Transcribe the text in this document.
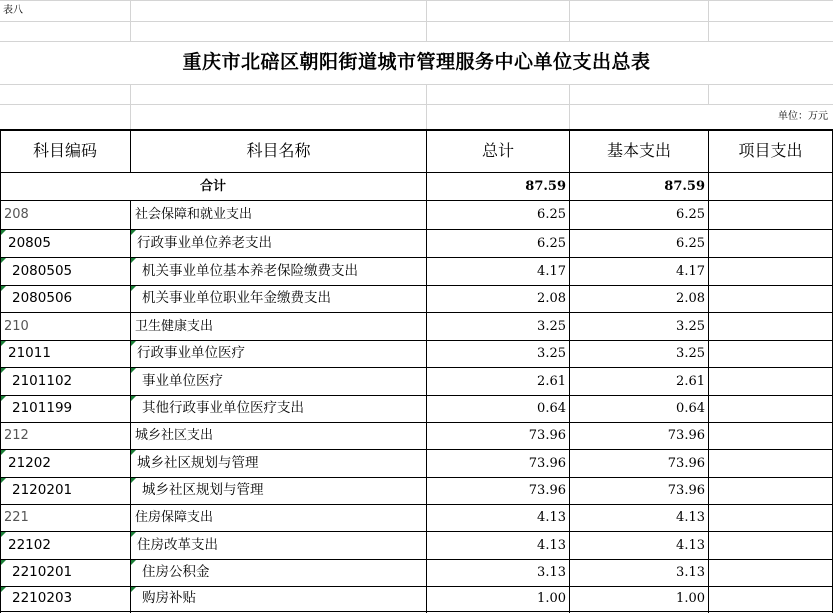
表八
重庆市北碚区朝阳街道城市管理服务中心单位支出总表
单位：万元
科目编码	科目名称	总计	基本支出	项目支出
合计	87.59	87.59
208	社会保障和就业支出	6.25	6.25
20805	行政事业单位养老支出	6.25	6.25
2080505	机关事业单位基本养老保险缴费支出	4.17	4.17
2080506	机关事业单位职业年金缴费支出	2.08	2.08
210	卫生健康支出	3.25	3.25
21011	行政事业单位医疗	3.25	3.25
2101102	事业单位医疗	2.61	2.61
2101199	其他行政事业单位医疗支出	0.64	0.64
212	城乡社区支出	73.96	73.96
21202	城乡社区规划与管理	73.96	73.96
2120201	城乡社区规划与管理	73.96	73.96
221	住房保障支出	4.13	4.13
22102	住房改革支出	4.13	4.13
2210201	住房公积金	3.13	3.13
2210203	购房补贴	1.00	1.00
